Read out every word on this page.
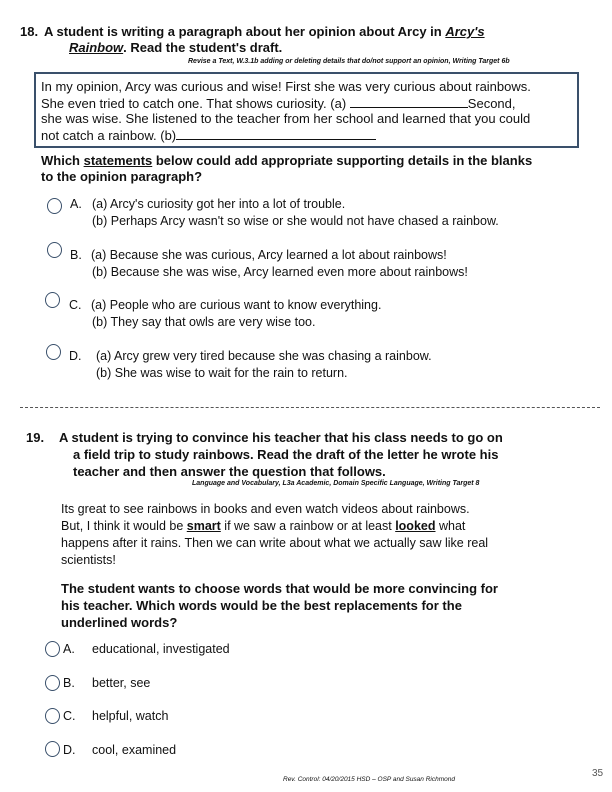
18. A student is writing a paragraph about her opinion about Arcy in Arcy's
Rainbow. Read the student's draft.
Revise a Text, W.3.1b adding or deleting details that do/not support an opinion, Writing Target 6b
In my opinion, Arcy was curious and wise! First she was very curious about rainbows.
She even tried to catch one. That shows curiosity. (a)	Second,
she was wise. She listened to the teacher from her school and learned that you could
not catch a rainbow. (b)
Which statements below could add appropriate supporting details in the blanks
to the opinion paragraph?
A. (a) Arcy's curiosity got her into a lot of trouble.
(b) Perhaps Arcy wasn't so wise or she would not have chased a rainbow.
B. (a) Because she was curious, Arcy learned a lot about rainbows!
(b) Because she was wise, Arcy learned even more about rainbows!
C. (a) People who are curious want to know everything.
(b) They say that owls are very wise too.
D. (a) Arcy grew very tired because she was chasing a rainbow.
(b) She was wise to wait for the rain to return.
19. A student is trying to convince his teacher that his class needs to go on
a field trip to study rainbows. Read the draft of the letter he wrote his
teacher and then answer the question that follows.
Language and Vocabulary, L3a Academic, Domain Specific Language, Writing Target 8
Its great to see rainbows in books and even watch videos about rainbows.
But, I think it would be smart if we saw a rainbow or at least looked what
happens after it rains. Then we can write about what we actually saw like real
scientists!
The student wants to choose words that would be more convincing for
his teacher. Which words would be the best replacements for the
underlined words?
A. educational, investigated
B. better, see
C. helpful, watch
D. cool, examined
Rev. Control: 04/20/2015 HSD – OSP and Susan Richmond
35
